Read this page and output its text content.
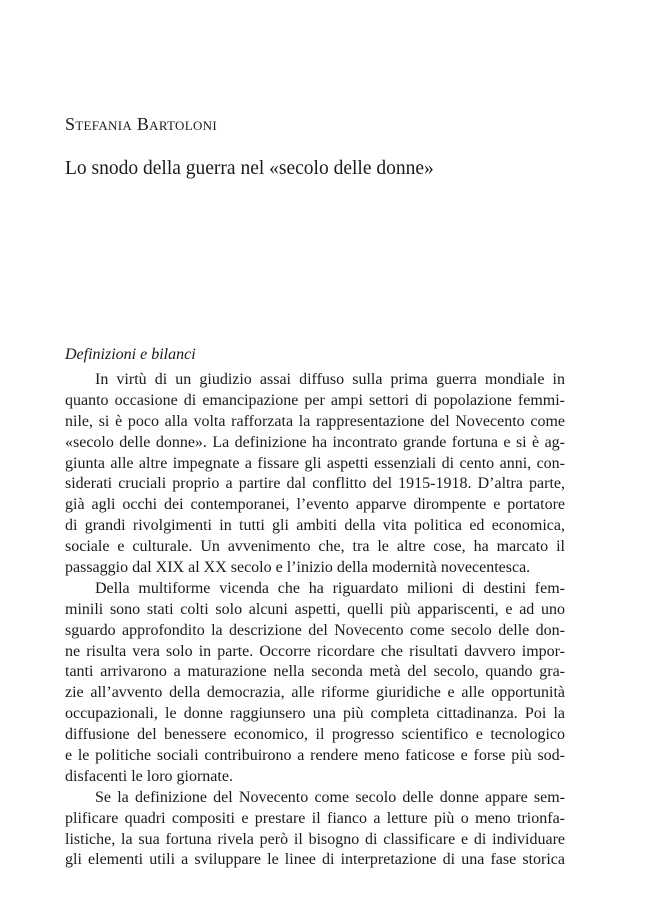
Stefania Bartoloni
Lo snodo della guerra nel «secolo delle donne»
Definizioni e bilanci
In virtù di un giudizio assai diffuso sulla prima guerra mondiale in
quanto occasione di emancipazione per ampi settori di popolazione femmi-
nile, si è poco alla volta rafforzata la rappresentazione del Novecento come
«secolo delle donne». La definizione ha incontrato grande fortuna e si è ag-
giunta alle altre impegnate a fissare gli aspetti essenziali di cento anni, con-
siderati cruciali proprio a partire dal conflitto del 1915-1918. D’altra parte,
già agli occhi dei contemporanei, l’evento apparve dirompente e portatore
di grandi rivolgimenti in tutti gli ambiti della vita politica ed economica,
sociale e culturale. Un avvenimento che, tra le altre cose, ha marcato il
passaggio dal XIX al XX secolo e l’inizio della modernità novecentesca.
Della multiforme vicenda che ha riguardato milioni di destini fem-
minili sono stati colti solo alcuni aspetti, quelli più appariscenti, e ad uno
sguardo approfondito la descrizione del Novecento come secolo delle don-
ne risulta vera solo in parte. Occorre ricordare che risultati davvero impor-
tanti arrivarono a maturazione nella seconda metà del secolo, quando gra-
zie all’avvento della democrazia, alle riforme giuridiche e alle opportunità
occupazionali, le donne raggiunsero una più completa cittadinanza. Poi la
diffusione del benessere economico, il progresso scientifico e tecnologico
e le politiche sociali contribuirono a rendere meno faticose e forse più sod-
disfacenti le loro giornate.
Se la definizione del Novecento come secolo delle donne appare sem-
plificare quadri compositi e prestare il fianco a letture più o meno trionfa-
listiche, la sua fortuna rivela però il bisogno di classificare e di individuare
gli elementi utili a sviluppare le linee di interpretazione di una fase storica
